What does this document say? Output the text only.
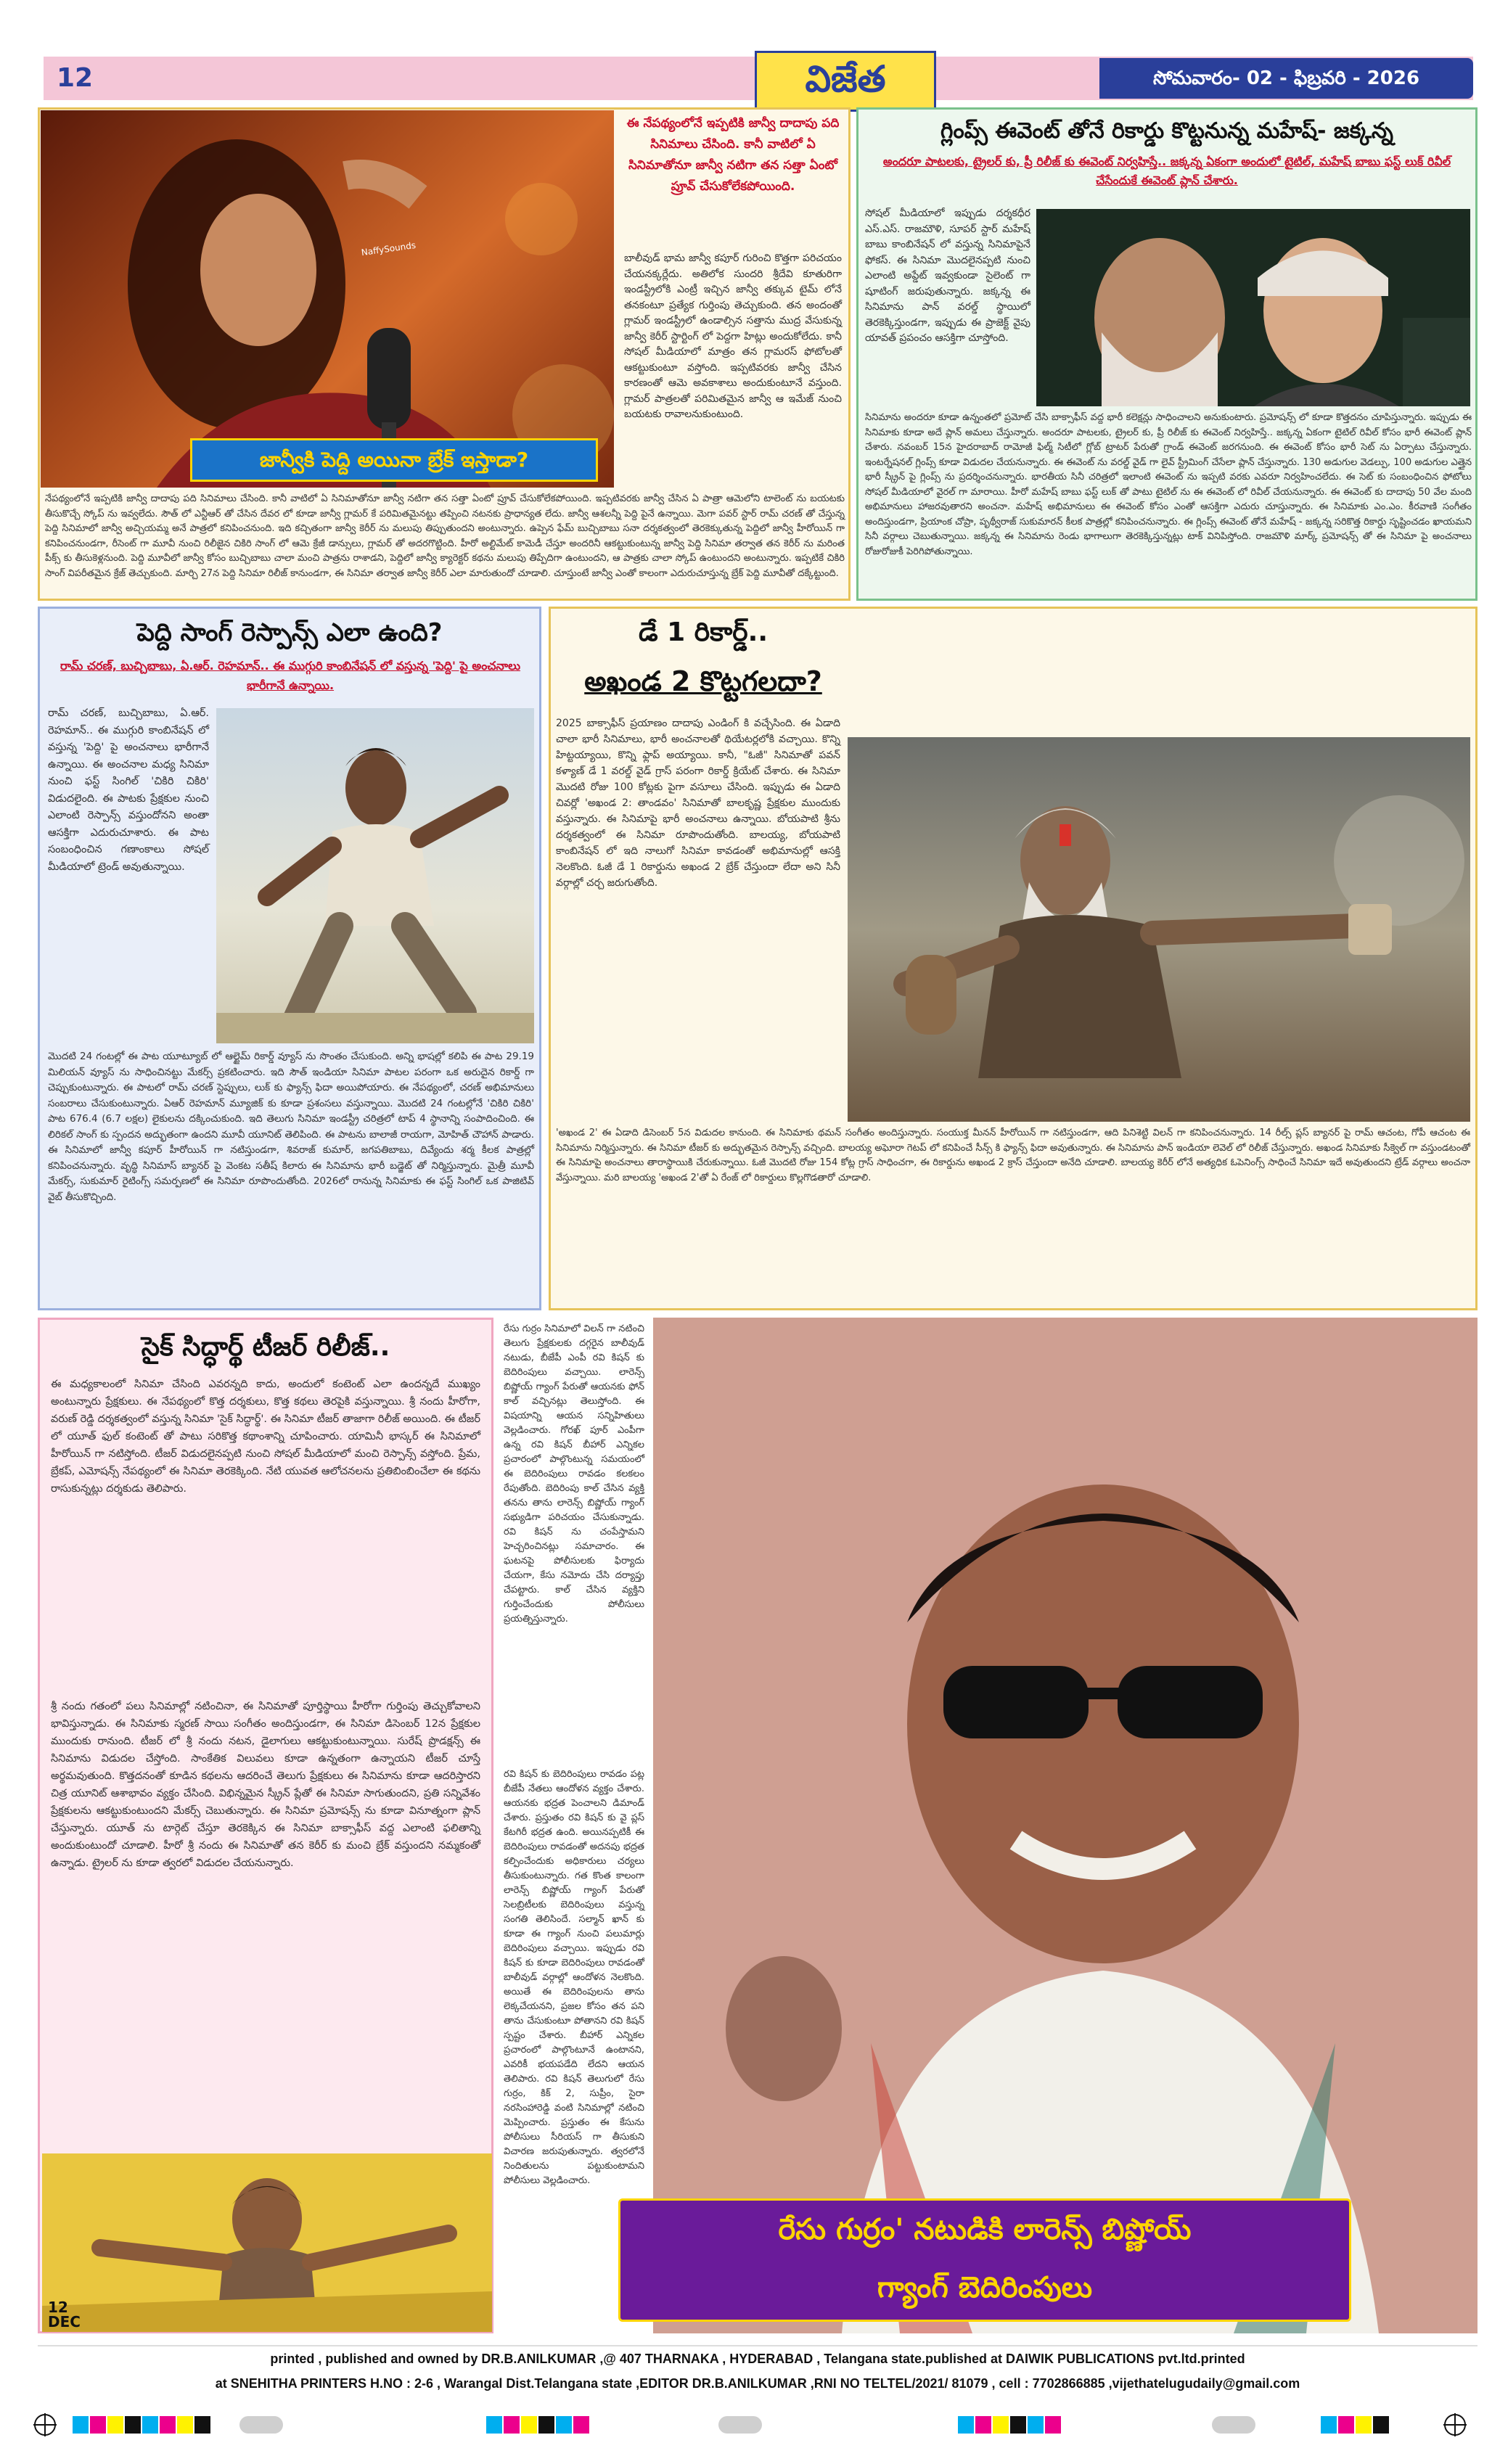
12	విజేత	సోమవారం- 02 - ఫిబ్రవరి - 2026
NaffySounds
జాన్వీకి పెద్ది అయినా బ్రేక్ ఇస్తాడా?
ఈ నేపథ్యంలోనే ఇప్పటికి జాన్వీ దాదాపు పది సినిమాలు చేసింది. కానీ వాటిలో ఏ సినిమాతోనూ జాన్వీ నటిగా తన సత్తా ఏంటో ప్రూవ్ చేసుకోలేకపోయింది.
బాలీవుడ్ భామ జాన్వీ కపూర్ గురించి కొత్తగా పరిచయం చేయనక్కర్లేదు. అతిలోక సుందరి శ్రీదేవి కూతురిగా ఇండస్ట్రీలోకి ఎంట్రీ ఇచ్చిన జాన్వీ తక్కువ టైమ్ లోనే తనకంటూ ప్రత్యేక గుర్తింపు తెచ్చుకుంది. తన అందంతో గ్లామర్ ఇండస్ట్రీలో ఉండాల్సిన సత్తాను ముద్ర వేసుకున్న జాన్వీ కెరీర్ స్టార్టింగ్ లో పెద్దగా హిట్లు అందుకోలేదు. కానీ సోషల్ మీడియాలో మాత్రం తన గ్లామరస్ ఫోటోలతో ఆకట్టుకుంటూ వస్తోంది. ఇప్పటివరకు జాన్వీ చేసిన కారణంతో ఆమె అవకాశాలు అందుకుంటూనే వస్తుంది. గ్లామర్ పాత్రలతో పరిమితమైన జాన్వీ ఆ ఇమేజ్ నుంచి బయటకు రావాలనుకుంటుంది.
నేపథ్యంలోనే ఇప్పటికి జాన్వీ దాదాపు పది సినిమాలు చేసింది. కానీ వాటిలో ఏ సినిమాతోనూ జాన్వీ నటిగా తన సత్తా ఏంటో ప్రూవ్ చేసుకోలేకపోయింది. ఇప్పటివరకు జాన్వీ చేసిన ఏ పాత్రా ఆమెలోని టాలెంట్ ను బయటకు తీసుకొచ్చే స్కోప్ ను ఇవ్వలేదు. సౌత్ లో ఎన్టీఆర్ తో చేసిన దేవర లో కూడా జాన్వీ గ్లామర్ కే పరిమితమైనట్టు తప్పించి నటనకు ప్రాధాన్యత లేదు. జాన్వీ ఆశలన్నీ పెద్ది పైనే ఉన్నాయి. మెగా పవర్ స్టార్ రామ్ చరణ్ తో చేస్తున్న పెద్ది సినిమాలో జాన్వీ అచ్చియమ్మ అనే పాత్రలో కనిపించనుంది. ఇది కచ్చితంగా జాన్వీ కెరీర్ ను మలుపు తిప్పుతుందని అంటున్నారు. ఉప్పెన ఫేమ్ బుచ్చిబాబు సనా దర్శకత్వంలో తెరకెక్కుతున్న పెద్దిలో జాన్వీ హీరోయిన్ గా కనిపించనుండగా, రీసెంట్ గా మూవీ నుంచి రిలీజైన చికిరి సాంగ్ లో ఆమె క్రేజీ డాన్సులు, గ్లామర్ తో అదరగొట్టింది. హీరో అల్టిమేట్ కామెడీ చేస్తూ అందరినీ ఆకట్టుకుంటున్న జాన్వీ పెద్ది సినిమా తర్వాత తన కెరీర్ ను మరింత పీక్స్ కు తీసుకెళ్లనుంది. పెద్ది మూవీలో జాన్వీ కోసం బుచ్చిబాబు చాలా మంచి పాత్రను రాశాడని, పెద్దిలో జాన్వీ క్యారెక్టర్ కథను మలుపు తిప్పేదిగా ఉంటుందని, ఆ పాత్రకు చాలా స్కోప్ ఉంటుందని అంటున్నారు. ఇప్పటికే చికిరి సాంగ్ విపరీతమైన క్రేజ్ తెచ్చుకుంది. మార్చి 27న పెద్ది సినిమా రిలీజ్ కానుండగా, ఈ సినిమా తర్వాత జాన్వీ కెరీర్ ఎలా మారుతుందో చూడాలి. చూస్తుంటే జాన్వీ ఎంతో కాలంగా ఎదురుచూస్తున్న బ్రేక్ పెద్ది మూవీతో దక్కేట్టుంది.
గ్లింప్స్ ఈవెంట్ తోనే రికార్డు కొట్టనున్న మహేష్- జక్కన్న
అందరూ పాటలకు, ట్రైలర్ కు, ప్రీ రిలీజ్ కు ఈవెంట్ నిర్వహిస్తే.. జక్కన్న ఏకంగా అందులో టైటిల్, మహేష్ బాబు ఫస్ట్ లుక్ రివీల్ చేసేందుకే ఈవెంట్ ప్లాన్ చేశారు.
సోషల్ మీడియాలో ఇప్పుడు దర్శకధీర ఎస్.ఎస్. రాజమౌళి, సూపర్ స్టార్ మహేష్ బాబు కాంబినేషన్ లో వస్తున్న సినిమాపైనే ఫోకస్. ఈ సినిమా మొదలైనప్పటి నుంచి ఎలాంటి అప్డేట్ ఇవ్వకుండా సైలెంట్ గా షూటింగ్ జరుపుతున్నారు. జక్కన్న ఈ సినిమాను పాన్ వరల్డ్ స్థాయిలో తెరకెక్కిస్తుండగా, ఇప్పుడు ఈ ప్రాజెక్ట్ వైపు యావత్ ప్రపంచం ఆసక్తిగా చూస్తోంది.
సినిమాను అందరూ కూడా ఉన్నంతలో ప్రమోట్ చేసి బాక్సాఫీస్ వద్ద భారీ కలెక్షన్లు సాధించాలని అనుకుంటారు. ప్రమోషన్స్ లో కూడా కొత్తదనం చూపిస్తున్నారు. ఇప్పుడు ఈ సినిమాకు కూడా అదే ప్లాన్ అమలు చేస్తున్నారు. అందరూ పాటలకు, ట్రైలర్ కు, ప్రీ రిలీజ్ కు ఈవెంట్ నిర్వహిస్తే.. జక్కన్న ఏకంగా టైటిల్ రివీల్ కోసం భారీ ఈవెంట్ ప్లాన్ చేశారు. నవంబర్ 15న హైదరాబాద్ రామోజీ ఫిల్మ్ సిటీలో గ్లోబ్ ట్రాటర్ పేరుతో గ్రాండ్ ఈవెంట్ జరగనుంది. ఈ ఈవెంట్ కోసం భారీ సెట్ ను ఏర్పాటు చేస్తున్నారు. ఇంటర్నేషనల్ గ్లింప్స్ కూడా విడుదల చేయనున్నారు. ఈ ఈవెంట్ ను వరల్డ్ వైడ్ గా లైవ్ స్ట్రీమింగ్ చేసేలా ప్లాన్ చేస్తున్నారు. 130 అడుగుల వెడల్పు, 100 అడుగుల ఎత్తైన భారీ స్క్రీన్ పై గ్లింప్స్ ను ప్రదర్శించనున్నారు. భారతీయ సినీ చరిత్రలో ఇలాంటి ఈవెంట్ ను ఇప్పటి వరకు ఎవరూ నిర్వహించలేదు. ఈ సెట్ కు సంబంధించిన ఫోటోలు సోషల్ మీడియాలో వైరల్ గా మారాయి. హీరో మహేష్ బాబు ఫస్ట్ లుక్ తో పాటు టైటిల్ ను ఈ ఈవెంట్ లో రివీల్ చేయనున్నారు. ఈ ఈవెంట్ కు దాదాపు 50 వేల మంది అభిమానులు హాజరవుతారని అంచనా. మహేష్ అభిమానులు ఈ ఈవెంట్ కోసం ఎంతో ఆసక్తిగా ఎదురు చూస్తున్నారు. ఈ సినిమాకు ఎం.ఎం. కీరవాణి సంగీతం అందిస్తుండగా, ప్రియాంక చోప్రా, పృథ్వీరాజ్ సుకుమారన్ కీలక పాత్రల్లో కనిపించనున్నారు. ఈ గ్లింప్స్ ఈవెంట్ తోనే మహేష్ - జక్కన్న సరికొత్త రికార్డు సృష్టించడం ఖాయమని సినీ వర్గాలు చెబుతున్నాయి. జక్కన్న ఈ సినిమాను రెండు భాగాలుగా తెరకెక్కిస్తున్నట్లు టాక్ వినిపిస్తోంది. రాజమౌళి మార్క్ ప్రమోషన్స్ తో ఈ సినిమా పై అంచనాలు రోజురోజుకీ పెరిగిపోతున్నాయి.
పెద్ది సాంగ్ రెస్పాన్స్ ఎలా ఉంది?
రామ్ చరణ్, బుచ్చిబాబు, ఏ.ఆర్. రెహమాన్.. ఈ ముగ్గురి కాంబినేషన్ లో వస్తున్న 'పెద్ది' పై అంచనాలు భారీగానే ఉన్నాయి.
రామ్ చరణ్, బుచ్చిబాబు, ఏ.ఆర్. రెహమాన్.. ఈ ముగ్గురి కాంబినేషన్ లో వస్తున్న 'పెద్ది' పై అంచనాలు భారీగానే ఉన్నాయి. ఈ అంచనాల మధ్య సినిమా నుంచి ఫస్ట్ సింగిల్ 'చికిరి చికిరి' విడుదలైంది. ఈ పాటకు ప్రేక్షకుల నుంచి ఎలాంటి రెస్పాన్స్ వస్తుందోనని అంతా ఆసక్తిగా ఎదురుచూశారు. ఈ పాట సంబంధించిన గణాంకాలు సోషల్ మీడియాలో ట్రెండ్ అవుతున్నాయి.
మొదటి 24 గంటల్లో ఈ పాట యూట్యూబ్ లో ఆల్టైమ్ రికార్డ్ వ్యూస్ ను సొంతం చేసుకుంది. అన్ని భాషల్లో కలిపి ఈ పాట 29.19 మిలియన్ వ్యూస్ ను సాధించినట్టు మేకర్స్ ప్రకటించారు. ఇది సౌత్ ఇండియా సినిమా పాటల పరంగా ఒక అరుదైన రికార్డ్ గా చెప్పుకుంటున్నారు. ఈ పాటలో రామ్ చరణ్ స్టెప్పులు, లుక్ కు ఫ్యాన్స్ ఫిదా అయిపోయారు. ఈ నేపథ్యంలో, చరణ్ అభిమానులు సంబరాలు చేసుకుంటున్నారు. ఏఆర్ రెహమాన్ మ్యూజిక్ కు కూడా ప్రశంసలు వస్తున్నాయి. మొదటి 24 గంటల్లోనే 'చికిరి చికిరి' పాట 676.4 (6.7 లక్షల) లైకులను దక్కించుకుంది. ఇది తెలుగు సినిమా ఇండస్ట్రీ చరిత్రలో టాప్ 4 స్థానాన్ని సంపాదించింది. ఈ లిరికల్ సాంగ్ కు స్పందన అద్భుతంగా ఉందని మూవీ యూనిట్ తెలిపింది. ఈ పాటను బాలాజీ రాయగా, మోహిత్ చౌహాన్ పాడారు. ఈ సినిమాలో జాన్వీ కపూర్ హీరోయిన్ గా నటిస్తుండగా, శివరాజ్ కుమార్, జగపతిబాబు, దివ్యేందు శర్మ కీలక పాత్రల్లో కనిపించనున్నారు. వృద్ధి సినిమాస్ బ్యానర్ పై వెంకట సతీష్ కిలారు ఈ సినిమాను భారీ బడ్జెట్ తో నిర్మిస్తున్నారు. మైత్రీ మూవీ మేకర్స్, సుకుమార్ రైటింగ్స్ సమర్పణలో ఈ సినిమా రూపొందుతోంది. 2026లో రానున్న సినిమాకు ఈ ఫస్ట్ సింగిల్ ఒక పాజిటివ్ వైబ్ తీసుకొచ్చింది.
డే 1 రికార్డ్..
అఖండ 2 కొట్టగలదా?
2025 బాక్సాఫీస్ ప్రయాణం దాదాపు ఎండింగ్ కి వచ్చేసింది. ఈ ఏడాది చాలా భారీ సినిమాలు, భారీ అంచనాలతో థియేటర్లలోకి వచ్చాయి. కొన్ని హిట్టయ్యాయి, కొన్ని ఫ్లాప్ అయ్యాయి. కానీ, "ఓజీ" సినిమాతో పవన్ కళ్యాణ్ డే 1 వరల్డ్ వైడ్ గ్రాస్ పరంగా రికార్డ్ క్రియేట్ చేశారు. ఈ సినిమా మొదటి రోజు 100 కోట్లకు పైగా వసూలు చేసింది. ఇప్పుడు ఈ ఏడాది చివర్లో 'అఖండ 2: తాండవం' సినిమాతో బాలకృష్ణ ప్రేక్షకుల ముందుకు వస్తున్నారు. ఈ సినిమాపై భారీ అంచనాలు ఉన్నాయి. బోయపాటి శ్రీను దర్శకత్వంలో ఈ సినిమా రూపొందుతోంది. బాలయ్య, బోయపాటి కాంబినేషన్ లో ఇది నాలుగో సినిమా కావడంతో అభిమానుల్లో ఆసక్తి నెలకొంది. ఓజీ డే 1 రికార్డును అఖండ 2 బ్రేక్ చేస్తుందా లేదా అని సినీ వర్గాల్లో చర్చ జరుగుతోంది.
'అఖండ 2' ఈ ఏడాది డిసెంబర్ 5న విడుదల కానుంది. ఈ సినిమాకు థమన్ సంగీతం అందిస్తున్నారు. సంయుక్త మీనన్ హీరోయిన్ గా నటిస్తుండగా, ఆది పినిశెట్టి విలన్ గా కనిపించనున్నారు. 14 రీల్స్ ప్లస్ బ్యానర్ పై రామ్ ఆచంట, గోపీ ఆచంట ఈ సినిమాను నిర్మిస్తున్నారు. ఈ సినిమా టీజర్ కు అద్భుతమైన రెస్పాన్స్ వచ్చింది. బాలయ్య అఘోరా గెటప్ లో కనిపించే సీన్స్ కి ఫ్యాన్స్ ఫిదా అవుతున్నారు. ఈ సినిమాను పాన్ ఇండియా లెవెల్ లో రిలీజ్ చేస్తున్నారు. అఖండ సినిమాకు సీక్వెల్ గా వస్తుండటంతో ఈ సినిమాపై అంచనాలు తారాస్థాయికి చేరుకున్నాయి. ఓజీ మొదటి రోజు 154 కోట్ల గ్రాస్ సాధించగా, ఈ రికార్డును అఖండ 2 క్రాస్ చేస్తుందా అనేది చూడాలి. బాలయ్య కెరీర్ లోనే అత్యధిక ఓపెనింగ్స్ సాధించే సినిమా ఇదే అవుతుందని ట్రేడ్ వర్గాలు అంచనా వేస్తున్నాయి. మరి బాలయ్య 'అఖండ 2'తో ఏ రేంజ్ లో రికార్డులు కొల్లగొడతారో చూడాలి.
సైక్ సిద్ధార్థ్ టీజర్ రిలీజ్..
ఈ మధ్యకాలంలో సినిమా చేసింది ఎవరన్నది కాదు, అందులో కంటెంట్ ఎలా ఉందన్నదే ముఖ్యం అంటున్నారు ప్రేక్షకులు. ఈ నేపథ్యంలో కొత్త దర్శకులు, కొత్త కథలు తెరపైకి వస్తున్నాయి. శ్రీ నందు హీరోగా, వరుణ్ రెడ్డి దర్శకత్వంలో వస్తున్న సినిమా 'సైక్ సిద్ధార్థ్'. ఈ సినిమా టీజర్ తాజాగా రిలీజ్ అయింది. ఈ టీజర్ లో యూత్ ఫుల్ కంటెంట్ తో పాటు సరికొత్త కథాంశాన్ని చూపించారు. యామినీ భాస్కర్ ఈ సినిమాలో హీరోయిన్ గా నటిస్తోంది. టీజర్ విడుదలైనప్పటి నుంచి సోషల్ మీడియాలో మంచి రెస్పాన్స్ వస్తోంది. ప్రేమ, బ్రేకప్, ఎమోషన్స్ నేపథ్యంలో ఈ సినిమా తెరకెక్కింది. నేటి యువత ఆలోచనలను ప్రతిబింబించేలా ఈ కథను రాసుకున్నట్లు దర్శకుడు తెలిపారు.
శ్రీ నందు గతంలో పలు సినిమాల్లో నటించినా, ఈ సినిమాతో పూర్తిస్థాయి హీరోగా గుర్తింపు తెచ్చుకోవాలని భావిస్తున్నాడు. ఈ సినిమాకు స్మరణ్ సాయి సంగీతం అందిస్తుండగా, ఈ సినిమా డిసెంబర్ 12న ప్రేక్షకుల ముందుకు రానుంది. టీజర్ లో శ్రీ నందు నటన, డైలాగులు ఆకట్టుకుంటున్నాయి. సురేష్ ప్రొడక్షన్స్ ఈ సినిమాను విడుదల చేస్తోంది. సాంకేతిక విలువలు కూడా ఉన్నతంగా ఉన్నాయని టీజర్ చూస్తే అర్థమవుతుంది. కొత్తదనంతో కూడిన కథలను ఆదరించే తెలుగు ప్రేక్షకులు ఈ సినిమాను కూడా ఆదరిస్తారని చిత్ర యూనిట్ ఆశాభావం వ్యక్తం చేసింది. విభిన్నమైన స్క్రీన్ ప్లేతో ఈ సినిమా సాగుతుందని, ప్రతి సన్నివేశం ప్రేక్షకులను ఆకట్టుకుంటుందని మేకర్స్ చెబుతున్నారు. ఈ సినిమా ప్రమోషన్స్ ను కూడా వినూత్నంగా ప్లాన్ చేస్తున్నారు. యూత్ ను టార్గెట్ చేస్తూ తెరకెక్కిన ఈ సినిమా బాక్సాఫీస్ వద్ద ఎలాంటి ఫలితాన్ని అందుకుంటుందో చూడాలి. హీరో శ్రీ నందు ఈ సినిమాతో తన కెరీర్ కు మంచి బ్రేక్ వస్తుందని నమ్మకంతో ఉన్నాడు. ట్రైలర్ ను కూడా త్వరలో విడుదల చేయనున్నారు.
12 DEC
రేసు గుర్రం సినిమాలో విలన్ గా నటించి తెలుగు ప్రేక్షకులకు దగ్గరైన బాలీవుడ్ నటుడు, బీజేపీ ఎంపీ రవి కిషన్ కు బెదిరింపులు వచ్చాయి. లారెన్స్ బిష్ణోయ్ గ్యాంగ్ పేరుతో ఆయనకు ఫోన్ కాల్ వచ్చినట్లు తెలుస్తోంది. ఈ విషయాన్ని ఆయన సన్నిహితులు వెల్లడించారు. గోరఖ్ పూర్ ఎంపీగా ఉన్న రవి కిషన్ బీహార్ ఎన్నికల ప్రచారంలో పాల్గొంటున్న సమయంలో ఈ బెదిరింపులు రావడం కలకలం రేపుతోంది. బెదిరింపు కాల్ చేసిన వ్యక్తి తనను తాను లారెన్స్ బిష్ణోయ్ గ్యాంగ్ సభ్యుడిగా పరిచయం చేసుకున్నాడు. రవి కిషన్ ను చంపేస్తామని హెచ్చరించినట్లు సమాచారం. ఈ ఘటనపై పోలీసులకు ఫిర్యాదు చేయగా, కేసు నమోదు చేసి దర్యాప్తు చేపట్టారు. కాల్ చేసిన వ్యక్తిని గుర్తించేందుకు పోలీసులు ప్రయత్నిస్తున్నారు.
రవి కిషన్ కు బెదిరింపులు రావడం పట్ల బీజేపీ నేతలు ఆందోళన వ్యక్తం చేశారు. ఆయనకు భద్రత పెంచాలని డిమాండ్ చేశారు. ప్రస్తుతం రవి కిషన్ కు వై ప్లస్ కేటగిరీ భద్రత ఉంది. అయినప్పటికీ ఈ బెదిరింపులు రావడంతో అదనపు భద్రత కల్పించేందుకు అధికారులు చర్యలు తీసుకుంటున్నారు. గత కొంత కాలంగా లారెన్స్ బిష్ణోయ్ గ్యాంగ్ పేరుతో సెలబ్రిటీలకు బెదిరింపులు వస్తున్న సంగతి తెలిసిందే. సల్మాన్ ఖాన్ కు కూడా ఈ గ్యాంగ్ నుంచి పలుమార్లు బెదిరింపులు వచ్చాయి. ఇప్పుడు రవి కిషన్ కు కూడా బెదిరింపులు రావడంతో బాలీవుడ్ వర్గాల్లో ఆందోళన నెలకొంది. అయితే ఈ బెదిరింపులను తాను లెక్కచేయనని, ప్రజల కోసం తన పని తాను చేసుకుంటూ పోతానని రవి కిషన్ స్పష్టం చేశారు. బీహార్ ఎన్నికల ప్రచారంలో పాల్గొంటూనే ఉంటానని, ఎవరికీ భయపడేది లేదని ఆయన తెలిపారు. రవి కిషన్ తెలుగులో రేసు గుర్రం, కిక్ 2, సుప్రీం, సైరా నరసింహారెడ్డి వంటి సినిమాల్లో నటించి మెప్పించారు. ప్రస్తుతం ఈ కేసును పోలీసులు సీరియస్ గా తీసుకుని విచారణ జరుపుతున్నారు. త్వరలోనే నిందితులను పట్టుకుంటామని పోలీసులు వెల్లడించారు.
రేసు గుర్రం' నటుడికి లారెన్స్ బిష్ణోయ్
గ్యాంగ్ బెదిరింపులు
printed , published and owned by DR.B.ANILKUMAR ,@ 407 THARNAKA , HYDERABAD , Telangana state.published at DAIWIK PUBLICATIONS pvt.ltd.printed
at SNEHITHA PRINTERS H.NO : 2-6 , Warangal Dist.Telangana state ,EDITOR DR.B.ANILKUMAR ,RNI NO TELTEL/2021/ 81079 , cell : 7702866885 ,vijethatelugudaily@gmail.com
